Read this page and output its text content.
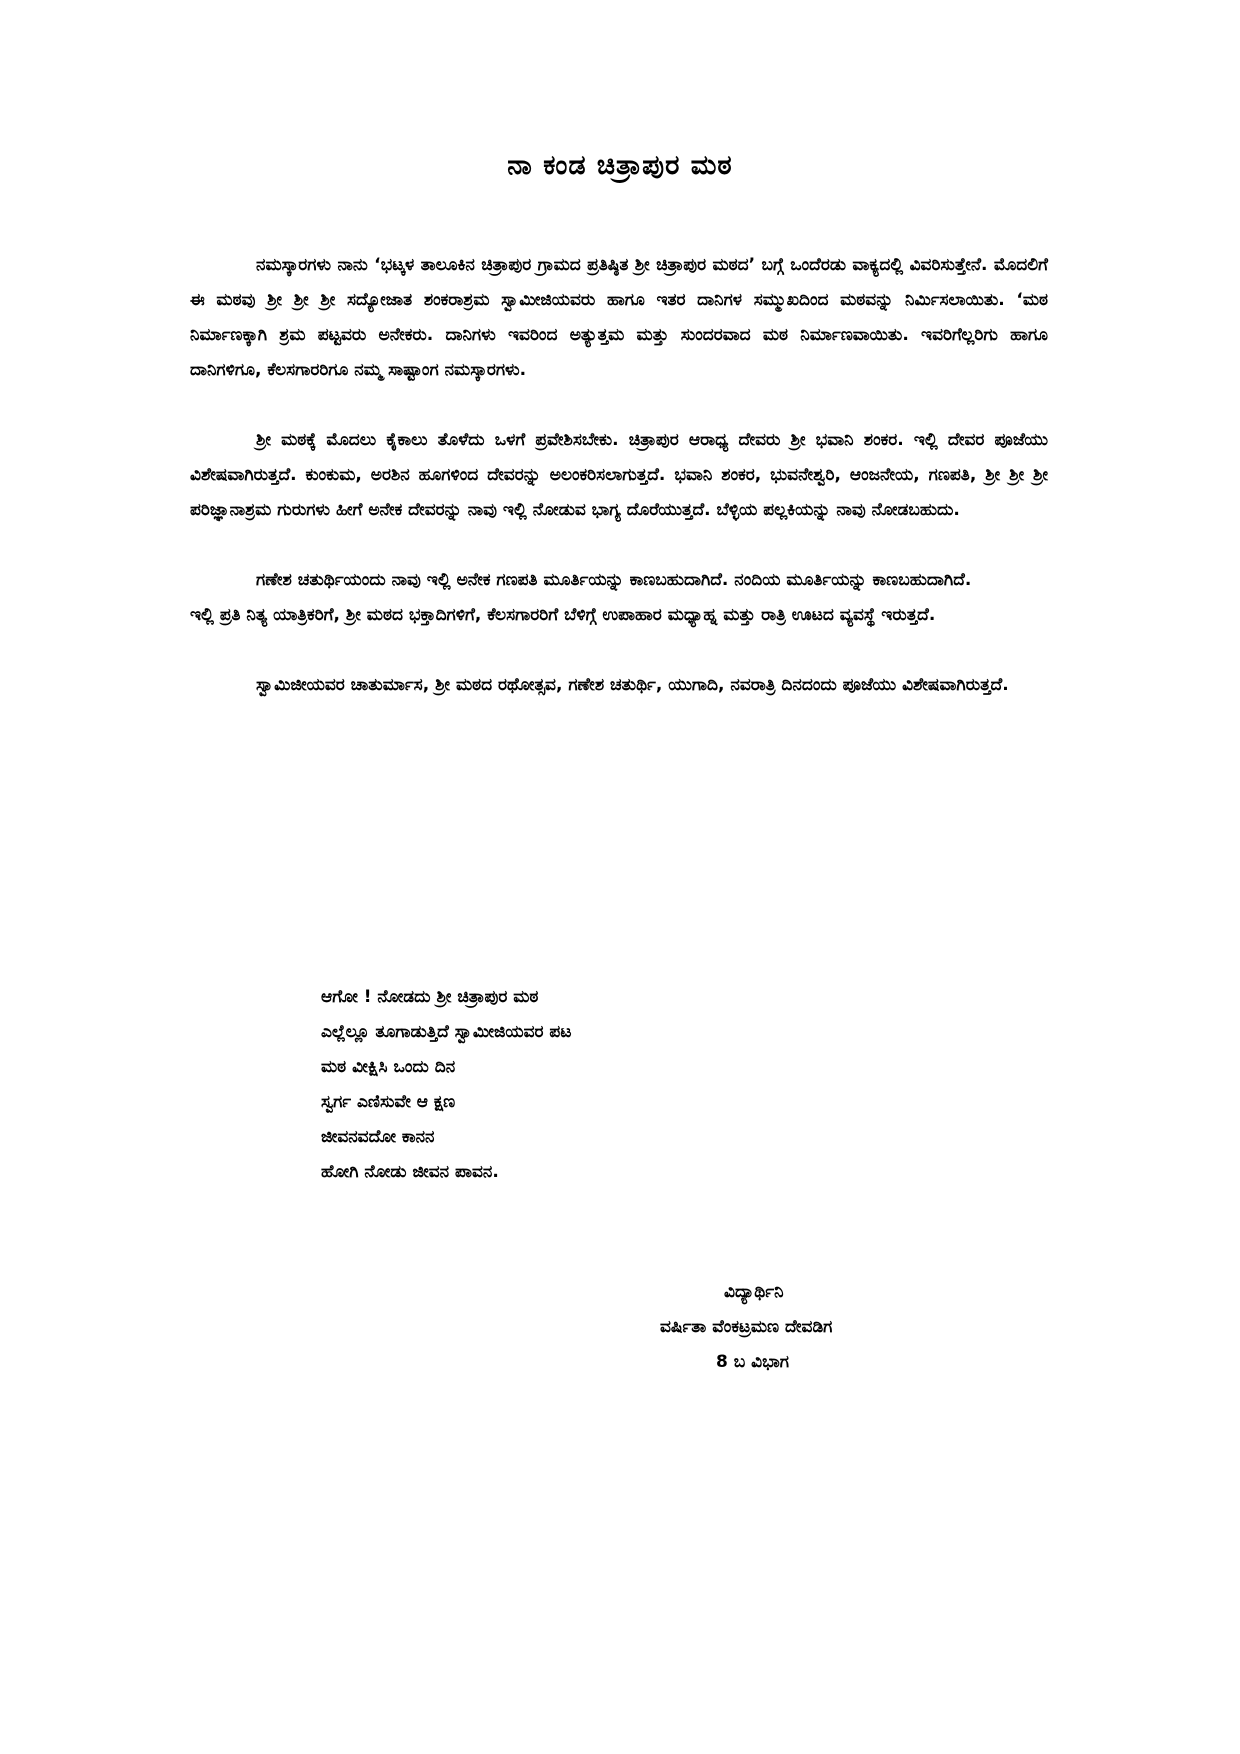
ನಾ ಕಂಡ ಚಿತ್ರಾಪುರ ಮಠ

ನಮಸ್ಕಾರಗಳು ನಾನು ‘ಭಟ್ಕಳ ತಾಲೂಕಿನ ಚಿತ್ರಾಪುರ ಗ್ರಾಮದ ಪ್ರತಿಷ್ಠಿತ ಶ್ರೀ ಚಿತ್ರಾಪುರ ಮಠದ’ ಬಗ್ಗೆ ಒಂದೆರಡು ವಾಕ್ಯದಲ್ಲಿ ವಿವರಿಸುತ್ತೇನೆ. ಮೊದಲಿಗೆ ಈ ಮಠವು ಶ್ರೀ ಶ್ರೀ ಶ್ರೀ ಸದ್ಯೋಜಾತ ಶಂಕರಾಶ್ರಮ ಸ್ವಾಮೀಜಿಯವರು ಹಾಗೂ ಇತರ ದಾನಿಗಳ ಸಮ್ಮುಖದಿಂದ ಮಠವನ್ನು ನಿರ್ಮಿಸಲಾಯಿತು. ‘ಮಠ ನಿರ್ಮಾಣಕ್ಕಾಗಿ ಶ್ರಮ ಪಟ್ಟವರು ಅನೇಕರು. ದಾನಿಗಳು ಇವರಿಂದ ಅತ್ಯುತ್ತಮ ಮತ್ತು ಸುಂದರವಾದ ಮಠ ನಿರ್ಮಾಣವಾಯಿತು. ಇವರಿಗೆಲ್ಲರಿಗು ಹಾಗೂ ದಾನಿಗಳಿಗೂ, ಕೆಲಸಗಾರರಿಗೂ ನಮ್ಮ ಸಾಷ್ಟಾಂಗ ನಮಸ್ಕಾರಗಳು.

ಶ್ರೀ ಮಠಕ್ಕೆ ಮೊದಲು ಕೈಕಾಲು ತೊಳೆದು ಒಳಗೆ ಪ್ರವೇಶಿಸಬೇಕು. ಚಿತ್ರಾಪುರ ಆರಾಧ್ಯ ದೇವರು ಶ್ರೀ ಭವಾನಿ ಶಂಕರ. ಇಲ್ಲಿ ದೇವರ ಪೂಜೆಯು ವಿಶೇಷವಾಗಿರುತ್ತದೆ. ಕುಂಕುಮ, ಅರಶಿನ ಹೂಗಳಿಂದ ದೇವರನ್ನು ಅಲಂಕರಿಸಲಾಗುತ್ತದೆ. ಭವಾನಿ ಶಂಕರ, ಭುವನೇಶ್ವರಿ, ಆಂಜನೇಯ, ಗಣಪತಿ, ಶ್ರೀ ಶ್ರೀ ಶ್ರೀ ಪರಿಜ್ಞಾನಾಶ್ರಮ ಗುರುಗಳು ಹೀಗೆ ಅನೇಕ ದೇವರನ್ನು ನಾವು ಇಲ್ಲಿ ನೋಡುವ ಭಾಗ್ಯ ದೊರೆಯುತ್ತದೆ. ಬೆಳ್ಳಿಯ ಪಲ್ಲಕಿಯನ್ನು ನಾವು ನೋಡಬಹುದು.

ಗಣೇಶ ಚತುರ್ಥಿಯಂದು ನಾವು ಇಲ್ಲಿ ಅನೇಕ ಗಣಪತಿ ಮೂರ್ತಿಯನ್ನು ಕಾಣಬಹುದಾಗಿದೆ. ನಂದಿಯ ಮೂರ್ತಿಯನ್ನು ಕಾಣಬಹುದಾಗಿದೆ.

ಇಲ್ಲಿ ಪ್ರತಿ ನಿತ್ಯ ಯಾತ್ರಿಕರಿಗೆ, ಶ್ರೀ ಮಠದ ಭಕ್ತಾದಿಗಳಿಗೆ, ಕೆಲಸಗಾರರಿಗೆ ಬೆಳಿಗ್ಗೆ ಉಪಾಹಾರ ಮಧ್ಯಾಹ್ನ ಮತ್ತು ರಾತ್ರಿ ಊಟದ ವ್ಯವಸ್ಥೆ ಇರುತ್ತದೆ.

ಸ್ವಾಮಿಜೀಯವರ ಚಾತುರ್ಮಾಸ, ಶ್ರೀ ಮಠದ ರಥೋತ್ಸವ, ಗಣೇಶ ಚತುರ್ಥಿ, ಯುಗಾದಿ, ನವರಾತ್ರಿ ದಿನದಂದು ಪೂಜೆಯು ವಿಶೇಷವಾಗಿರುತ್ತದೆ.

ಆಗೋ ! ನೋಡದು ಶ್ರೀ ಚಿತ್ರಾಪುರ ಮಠ
ಎಲ್ಲೆಲ್ಲೂ ತೂಗಾಡುತ್ತಿದೆ ಸ್ವಾಮೀಜಿಯವರ ಪಟ
ಮಠ ವೀಕ್ಷಿಸಿ ಒಂದು ದಿನ
ಸ್ವರ್ಗ ಎಣಿಸುವೇ ಆ ಕ್ಷಣ
ಜೀವನವದೋ ಕಾನನ
ಹೋಗಿ ನೋಡು ಜೀವನ ಪಾವನ.
ವಿದ್ಯಾರ್ಥಿನಿ
ವರ್ಷಿತಾ ವೆಂಕಟ್ರಮಣ ದೇವಡಿಗ
8 ಬ ವಿಭಾಗ
